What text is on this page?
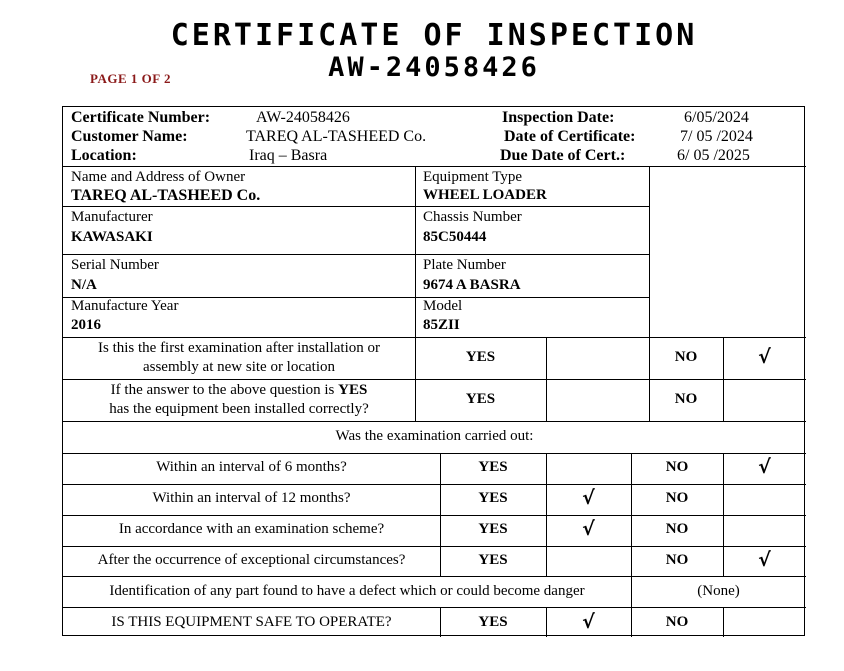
CERTIFICATE OF INSPECTION
AW-24058426
PAGE 1 OF 2
Certificate Number:	AW-24058426
Customer Name:	TAREQ AL-TASHEED Co.
Location:	Iraq – Basra
Inspection Date:	6/05/2024
Date of Certificate:	7/ 05 /2024
Due Date of Cert.:	6/ 05 /2025
Name and Address of Owner
TAREQ AL-TASHEED Co.
Equipment Type
WHEEL LOADER
Manufacturer
KAWASAKI
Chassis Number
85C50444
Serial Number
N/A
Plate Number
9674 A BASRA
Manufacture Year
2016
Model
85ZII
Is this the first examination after installation or
assembly at new site or location
YES	NO	√
If the answer to the above question is YES
has the equipment been installed correctly?
YES	NO
Was the examination carried out:
Within an interval of 6 months?	YES	NO	√
Within an interval of 12 months?	YES	√	NO
In accordance with an examination scheme?	YES	√	NO
After the occurrence of exceptional circumstances?	YES	NO	√
Identification of any part found to have a defect which or could become danger	(None)
IS THIS EQUIPMENT SAFE TO OPERATE?	YES	√	NO
